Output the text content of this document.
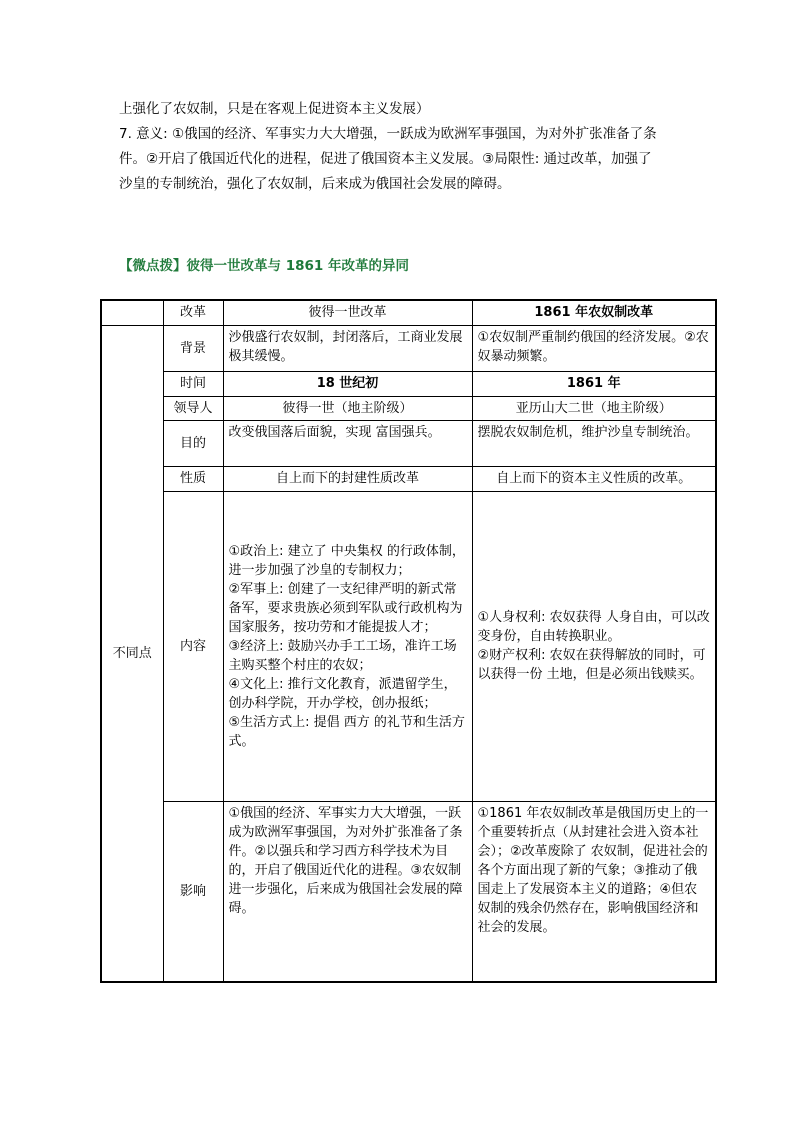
上强化了农奴制，只是在客观上促进资本主义发展）

7. 意义: ①俄国的经济、军事实力大大增强，一跃成为欧洲军事强国，为对外扩张准备了条

件。②开启了俄国近代化的进程，促进了俄国资本主义发展。③局限性: 通过改革，加强了

沙皇的专制统治，强化了农奴制，后来成为俄国社会发展的障碍。

【微点拨】彼得一世改革与 1861 年改革的异同
	改革	彼得一世改革	1861 年农奴制改革
不同点	背景	沙俄盛行农奴制，封闭落后，工商业发展极其缓慢。	①农奴制严重制约俄国的经济发展。②农奴暴动频繁。
	时间	18 世纪初	1861 年
	领导人	彼得一世（地主阶级）	亚历山大二世（地主阶级）
	目的	改变俄国落后面貌，实现 富国强兵。	摆脱农奴制危机，维护沙皇专制统治。
	性质	自上而下的封建性质改革	自上而下的资本主义性质的改革。
	内容	①政治上: 建立了 中央集权 的行政体制，进一步加强了沙皇的专制权力；
②军事上: 创建了一支纪律严明的新式常备军，要求贵族必须到军队或行政机构为国家服务，按功劳和才能提拔人才；
③经济上: 鼓励兴办手工工场，准许工场主购买整个村庄的农奴；
④文化上: 推行文化教育，派遣留学生，创办科学院，开办学校，创办报纸；
⑤生活方式上: 提倡 西方 的礼节和生活方式。	①人身权利: 农奴获得 人身自由，可以改变身份，自由转换职业。
②财产权利: 农奴在获得解放的同时，可以获得一份 土地，但是必须出钱赎买。

	影响	①俄国的经济、军事实力大大增强，一跃成为欧洲军事强国，为对外扩张准备了条件。②以强兵和学习西方科学技术为目的，开启了俄国近代化的进程。③农奴制进一步强化，后来成为俄国社会发展的障碍。	①1861 年农奴制改革是俄国历史上的一个重要转折点（从封建社会进入资本社会）；②改革废除了 农奴制，促进社会的各个方面出现了新的气象；③推动了俄国走上了发展资本主义的道路；④但农奴制的残余仍然存在，影响俄国经济和社会的发展。
